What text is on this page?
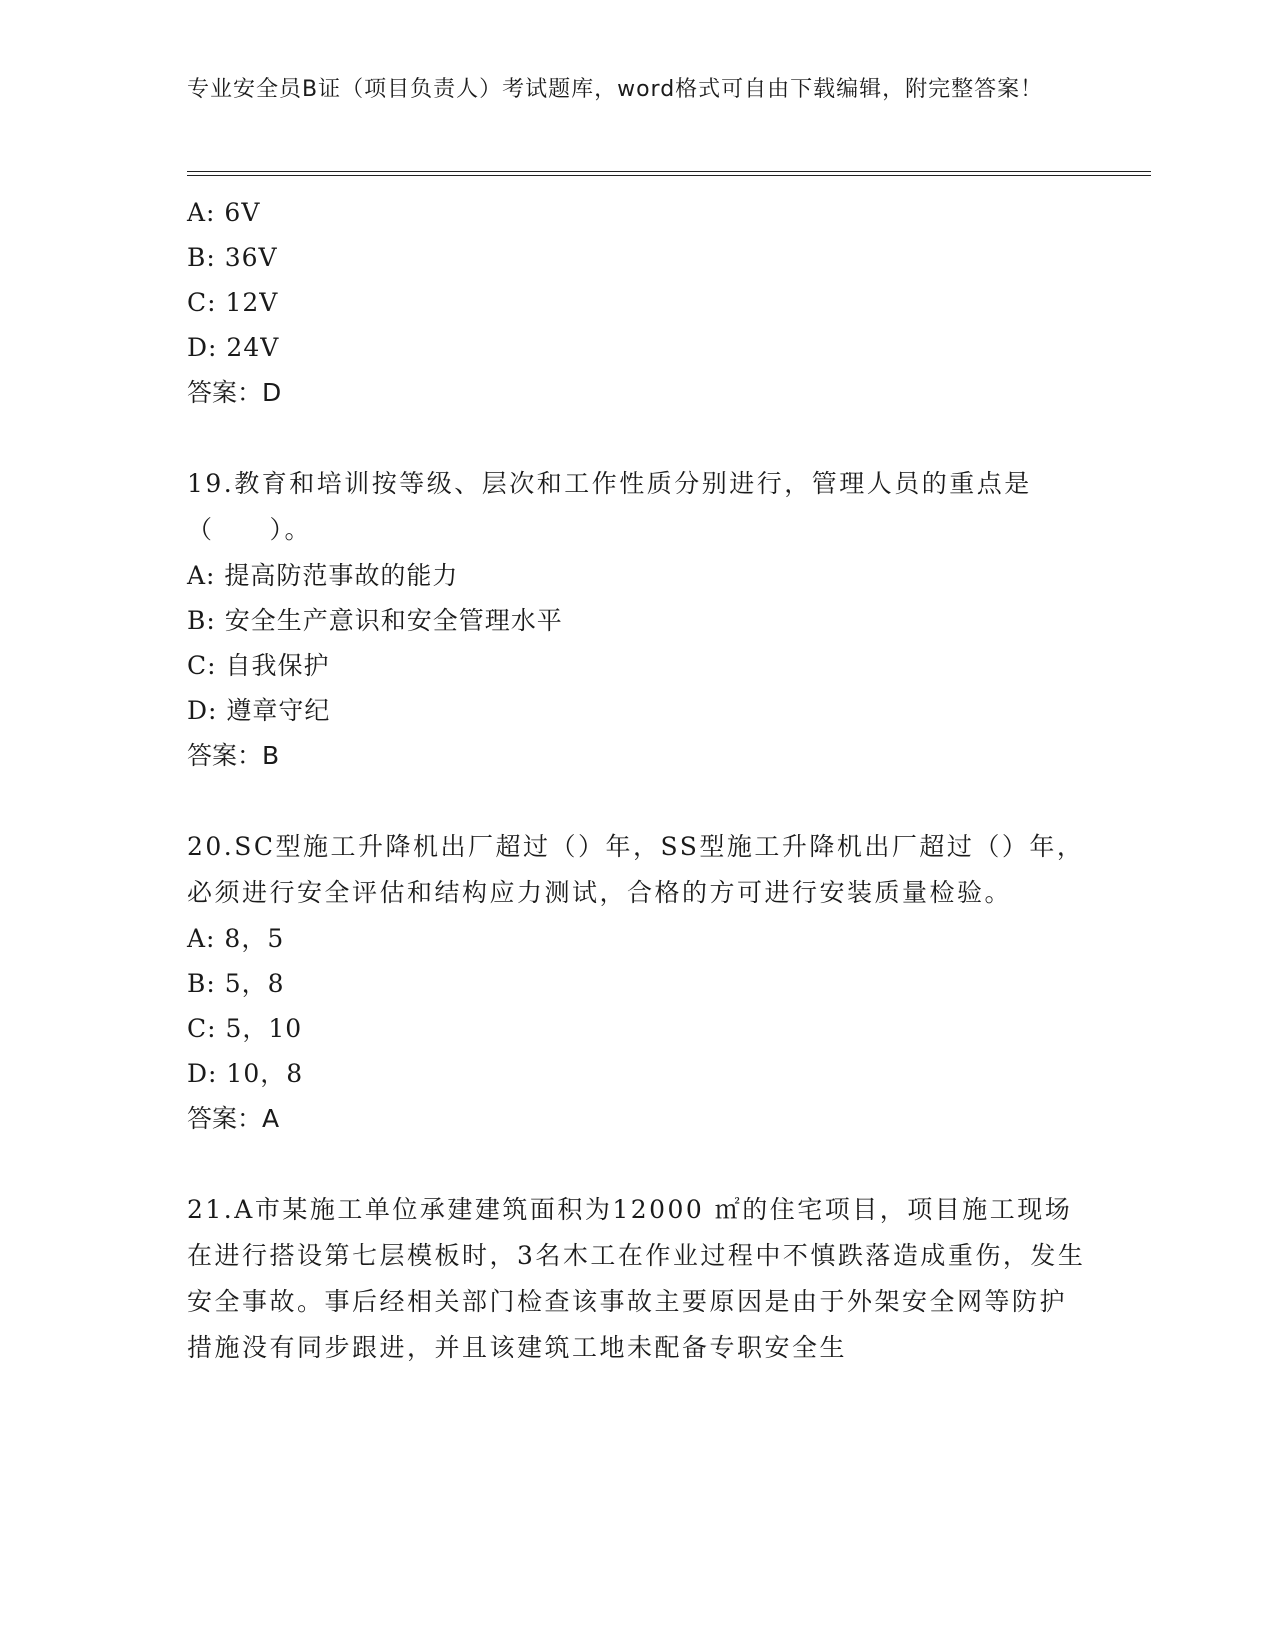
专业安全员B证（项目负责人）考试题库，word格式可自由下载编辑，附完整答案！
A: 6V
B: 36V
C: 12V
D: 24V
答案：D
19.教育和培训按等级、层次和工作性质分别进行，管理人员的重点是（　　）。
A: 提高防范事故的能力
B: 安全生产意识和安全管理水平
C: 自我保护
D: 遵章守纪
答案：B
20.SC型施工升降机出厂超过（）年，SS型施工升降机出厂超过（）年，必须进行安全评估和结构应力测试，合格的方可进行安装质量检验。
A: 8，5
B: 5，8
C: 5，10
D: 10，8
答案：A
21.A市某施工单位承建建筑面积为12000 ㎡的住宅项目，项目施工现场在进行搭设第七层模板时，3名木工在作业过程中不慎跌落造成重伤，发生安全事故。事后经相关部门检查该事故主要原因是由于外架安全网等防护措施没有同步跟进，并且该建筑工地未配备专职安全生
